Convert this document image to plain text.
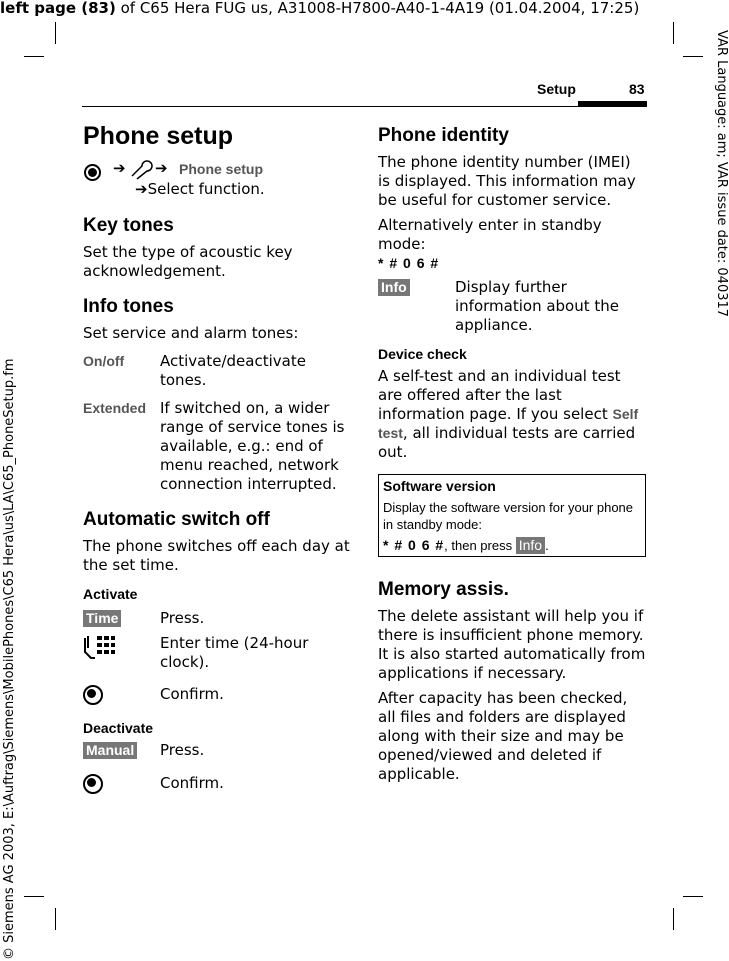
left page (83) of C65 Hera FUG us, A31008-H7800-A40-1-4A19 (01.04.2004, 17:25)
VAR Language: am; VAR issue date: 040317
© Siemens AG 2003, E:\Auftrag\Siemens\MobilePhones\C65 Hera\us\LA\C65_PhoneSetup.fm
Setup	83
Phone setup
➔ ➔ Phone setup
➔Select function.
Key tones

Set the type of acoustic key acknowledgement.

Info tones

Set service and alarm tones:

On/off Activate/deactivate tones.
Extended If switched on, a wider range of service tones is available, e.g.: end of menu reached, network connection interrupted.
Automatic switch off

The phone switches off each day at the set time.

Activate
Time	Press.
Enter time (24-hour clock).
Confirm.
Deactivate
Manual Press.
Confirm.
Phone identity

The phone identity number (IMEI) is displayed. This information may be useful for customer service.

Alternatively enter in standby mode:

* # 0 6 #
Info	Display further information about the appliance.
Device check

A self-test and an individual test are offered after the last information page. If you select Self test, all individual tests are carried out.

Software version
Display the software version for your phone in standby mode:
* # 0 6 #, then press Info .
Memory assis.

The delete assistant will help you if there is insufficient phone memory. It is also started automatically from applications if necessary.

After capacity has been checked, all files and folders are displayed along with their size and may be opened/viewed and deleted if applicable.
